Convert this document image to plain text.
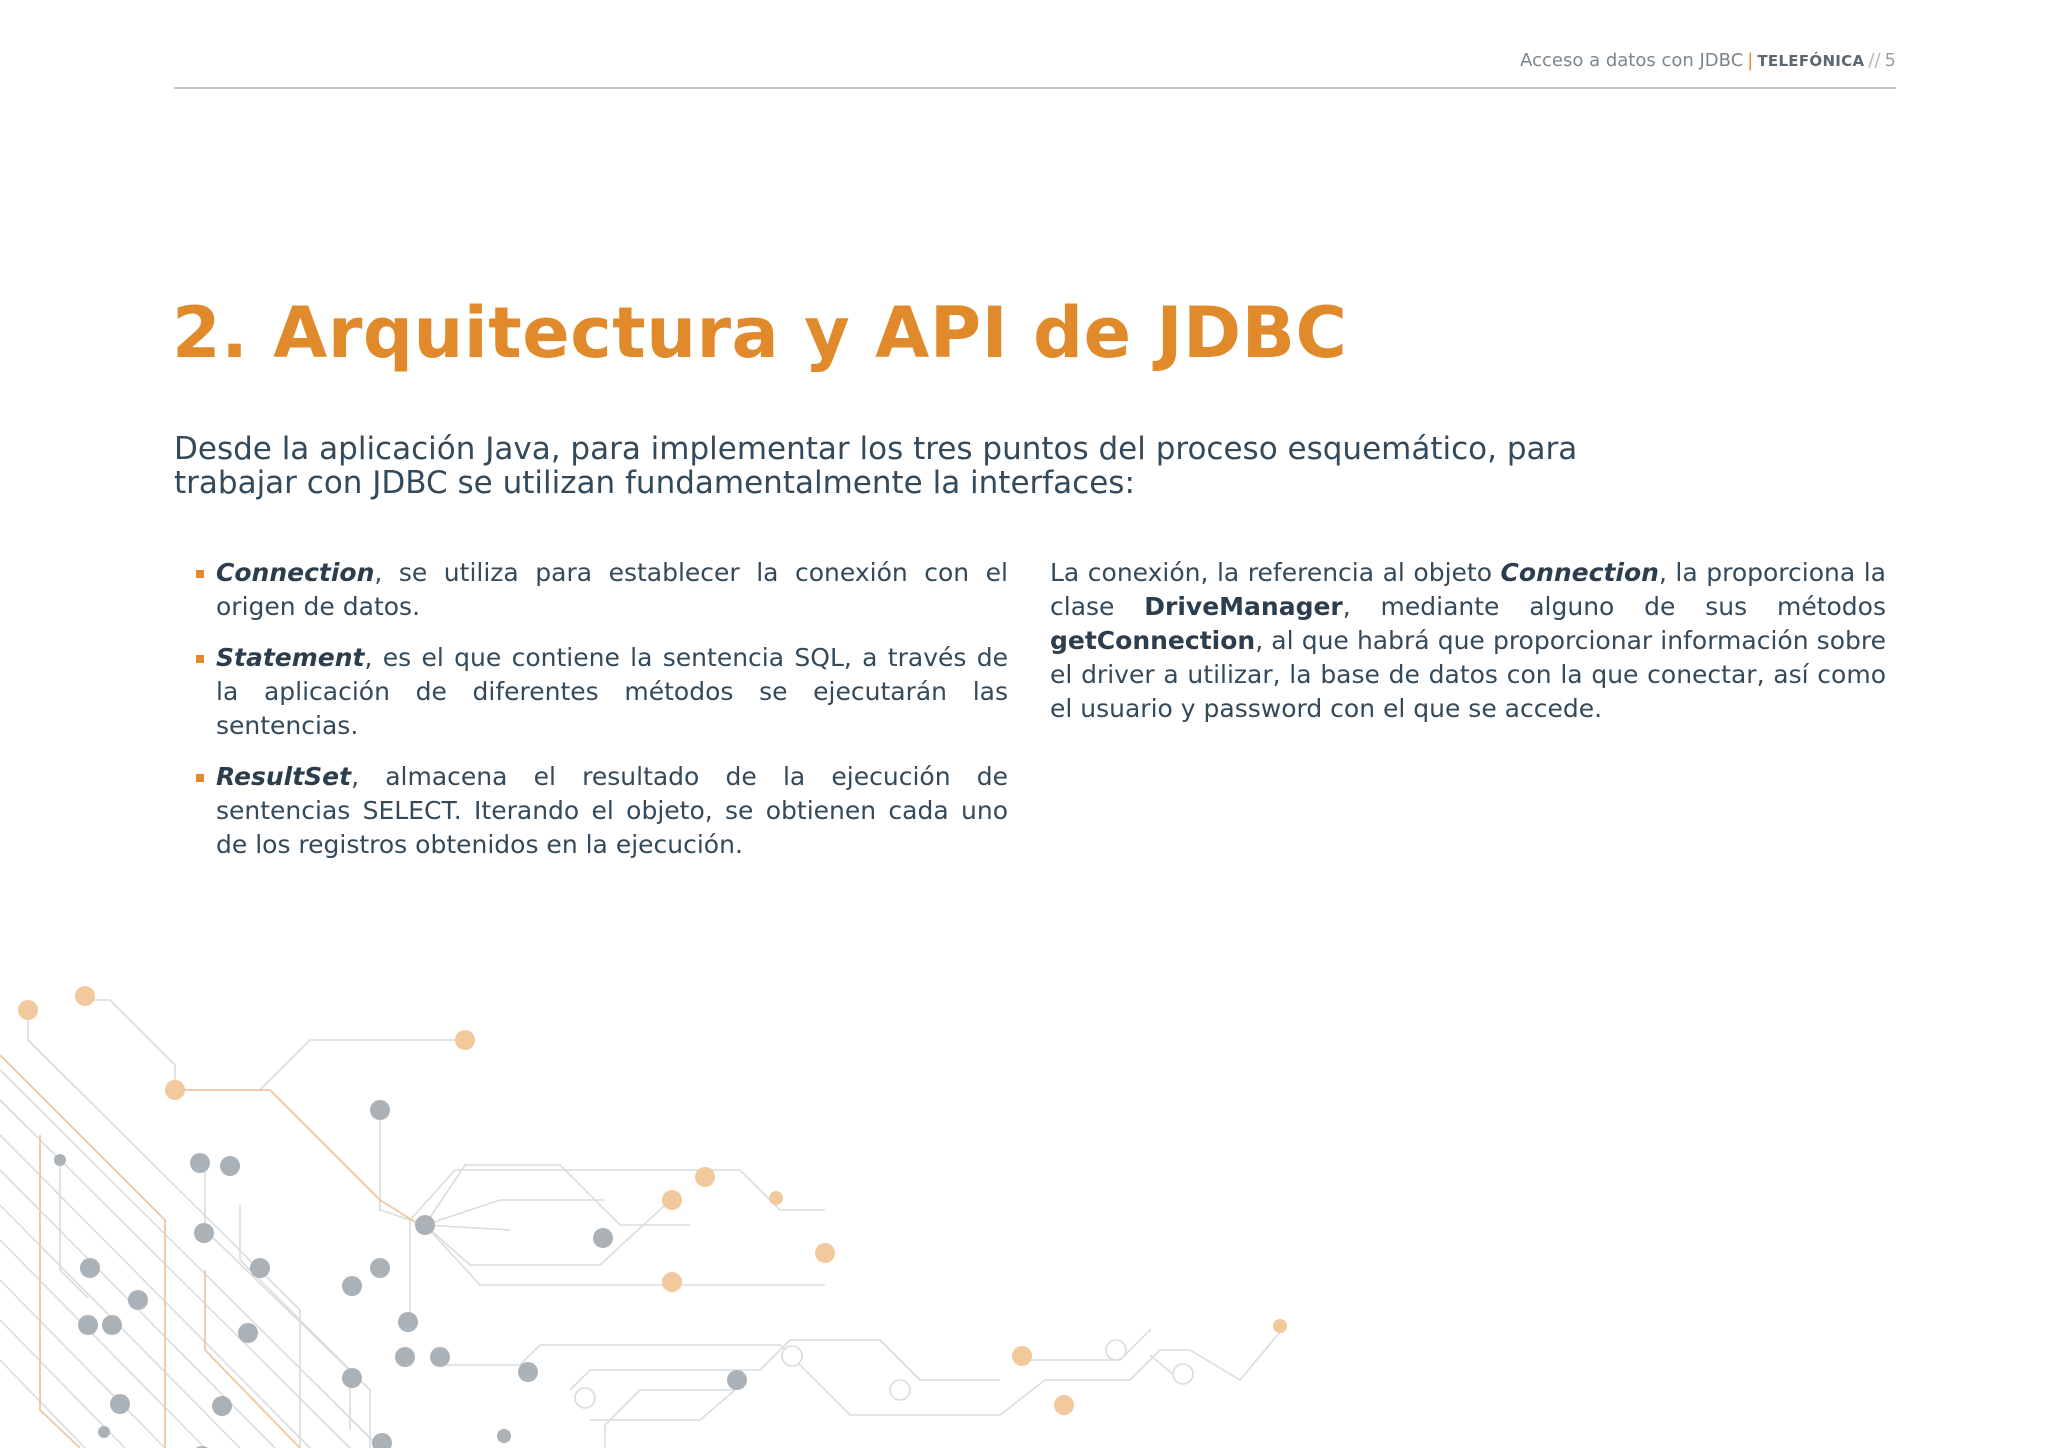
Acceso a datos con JDBC | TELEFÓNICA // 5
2. Arquitectura y API de JDBC

Desde la aplicación Java, para implementar los tres puntos del proceso esquemático, para trabajar con JDBC se utilizan fundamentalmente la interfaces:

Connection, se utiliza para establecer la conexión con el origen de datos.
Statement, es el que contiene la sentencia SQL, a través de la aplicación de diferentes métodos se ejecutarán las sentencias.
ResultSet, almacena el resultado de la ejecución de sentencias SELECT. Iterando el objeto, se obtienen cada uno de los registros obtenidos en la ejecución.

La conexión, la referencia al objeto Connection, la proporciona la clase DriveManager, mediante alguno de sus métodos getConnection, al que habrá que proporcionar información sobre el driver a utilizar, la base de datos con la que conectar, así como el usuario y password con el que se accede.
